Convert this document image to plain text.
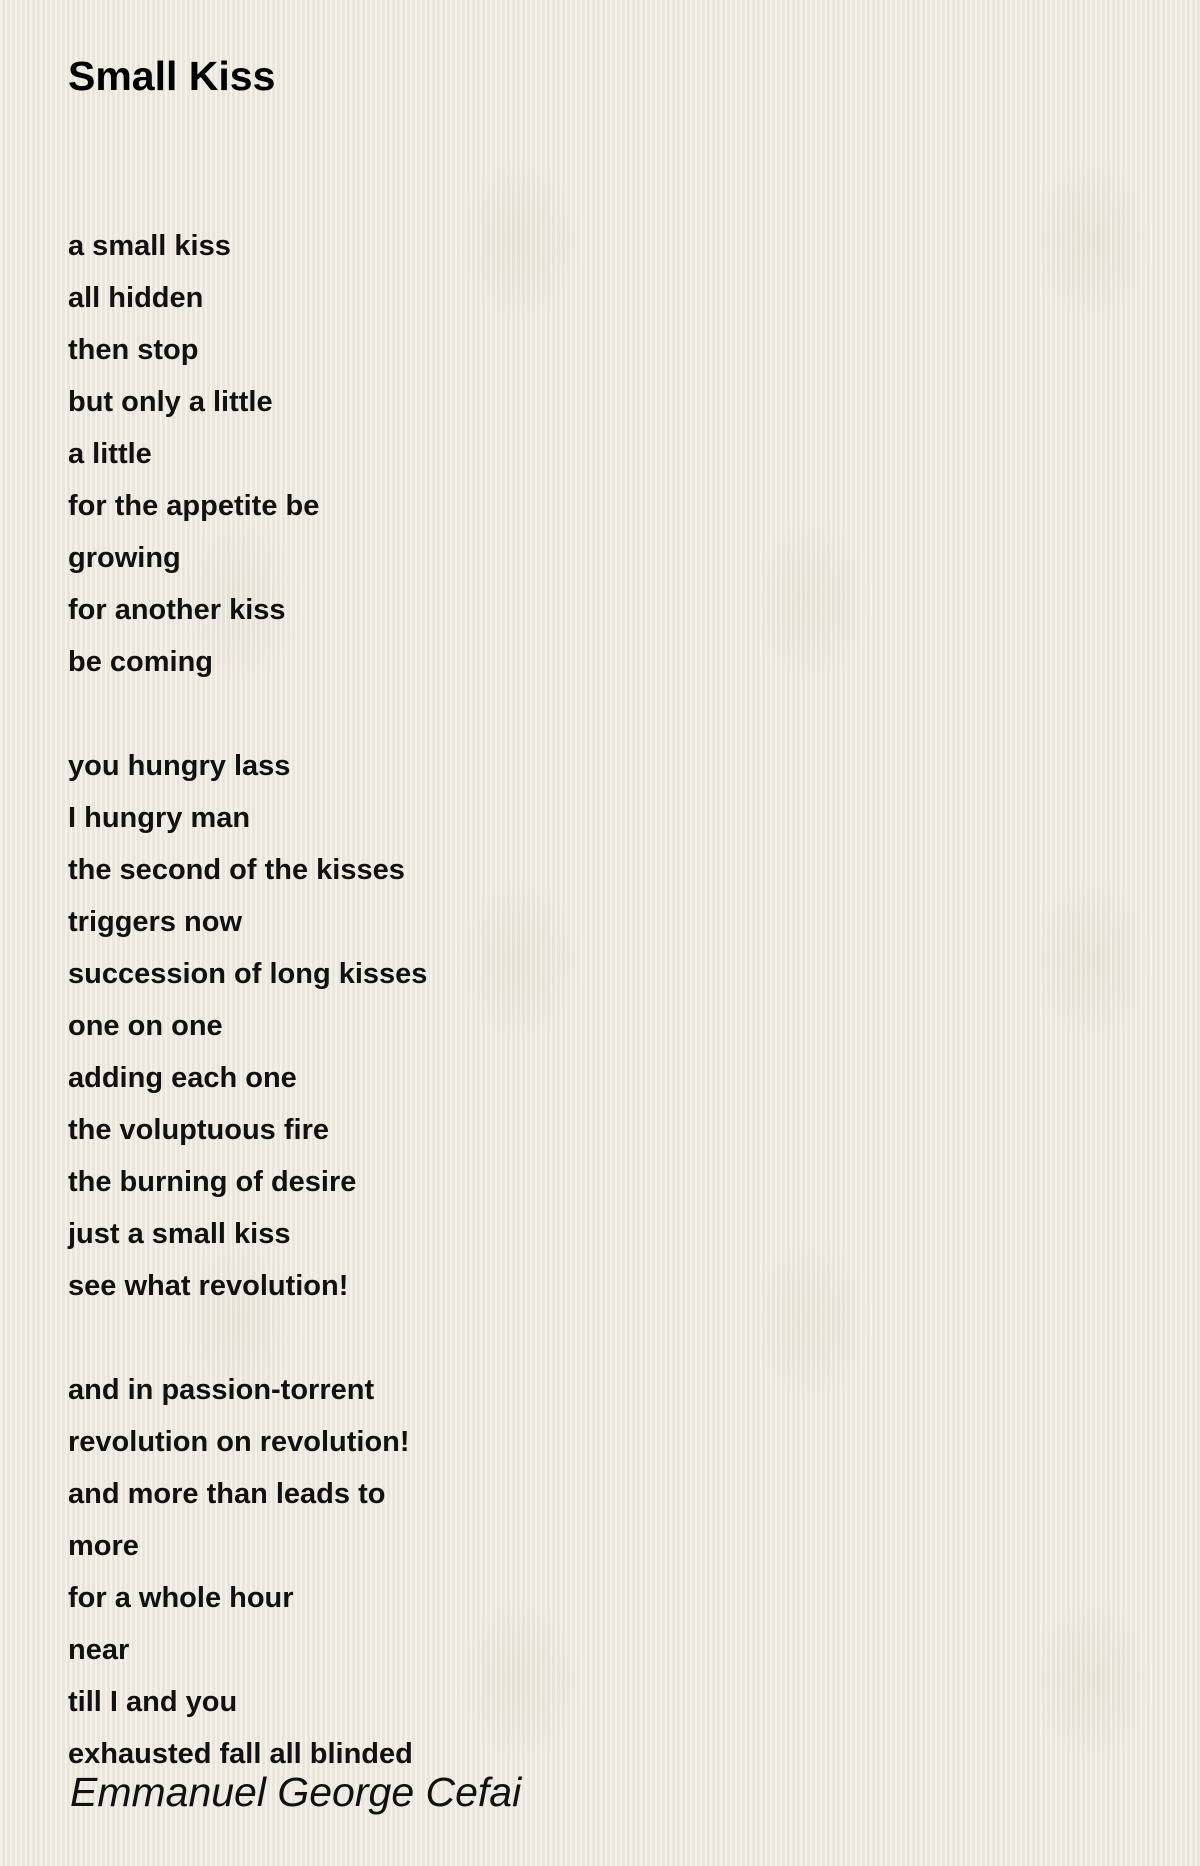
Small Kiss
a small kiss
all hidden
then stop
but only a little
a little
for the appetite be
growing
for another kiss
be coming
you hungry lass
I hungry man
the second of the kisses
triggers now
succession of long kisses
one on one
adding each one
the voluptuous fire
the burning of desire
just a small kiss
see what revolution!
and in passion-torrent
revolution on revolution!
and more than leads to
more
for a whole hour
near
till I and you
exhausted fall all blinded
Emmanuel George Cefai
